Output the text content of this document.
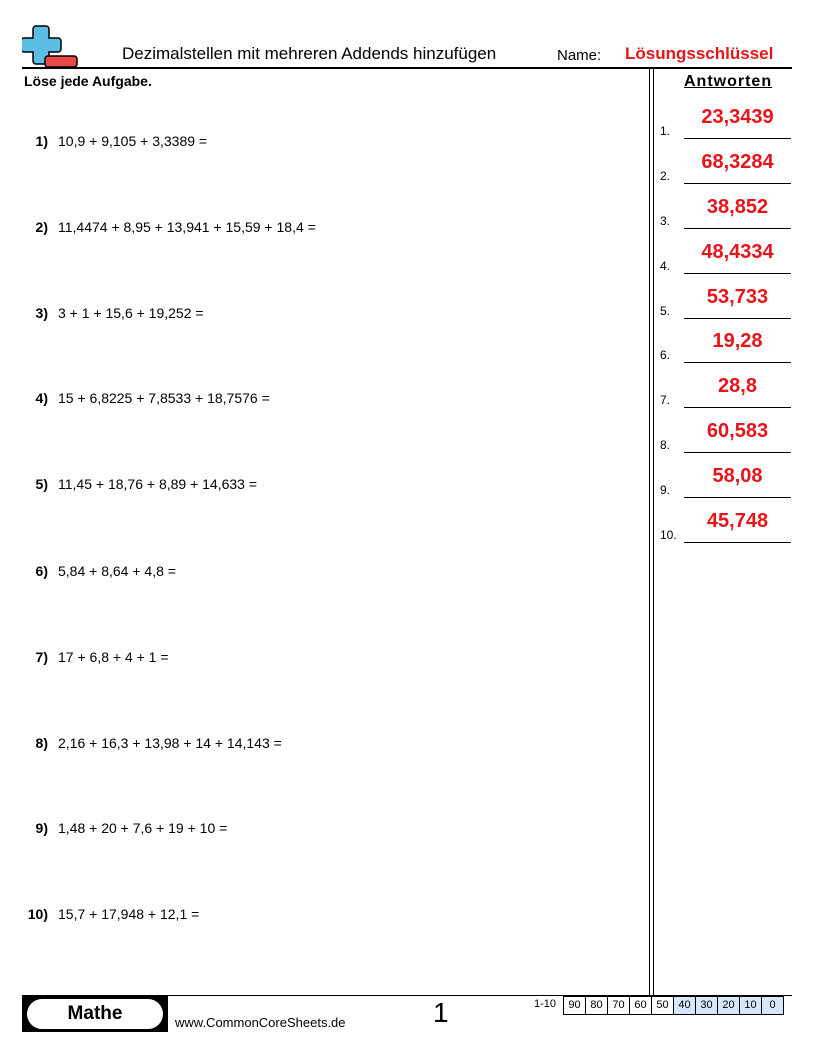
Dezimalstellen mit mehreren Addends hinzufügen	Name: Lösungsschlüssel
Löse jede Aufgabe.	Antworten
1) 10,9 + 9,105 + 3,3389 =
2) 11,4474 + 8,95 + 13,941 + 15,59 + 18,4 =
3) 3 + 1 + 15,6 + 19,252 =
4) 15 + 6,8225 + 7,8533 + 18,7576 =
5) 11,45 + 18,76 + 8,89 + 14,633 =
6) 5,84 + 8,64 + 4,8 =
7) 17 + 6,8 + 4 + 1 =
8) 2,16 + 16,3 + 13,98 + 14 + 14,143 =
9) 1,48 + 20 + 7,6 + 19 + 10 =
10) 15,7 + 17,948 + 12,1 =
1.
23,3439
2.
68,3284
3.
38,852
4.
48,4334
5.
53,733
6.
19,28
7.
28,8
8.
60,583
9.
58,08
10.
45,748
Mathe	www.CommonCoreSheets.de	1	1-10	90 80 70 60 50 40 30 20 10	0
